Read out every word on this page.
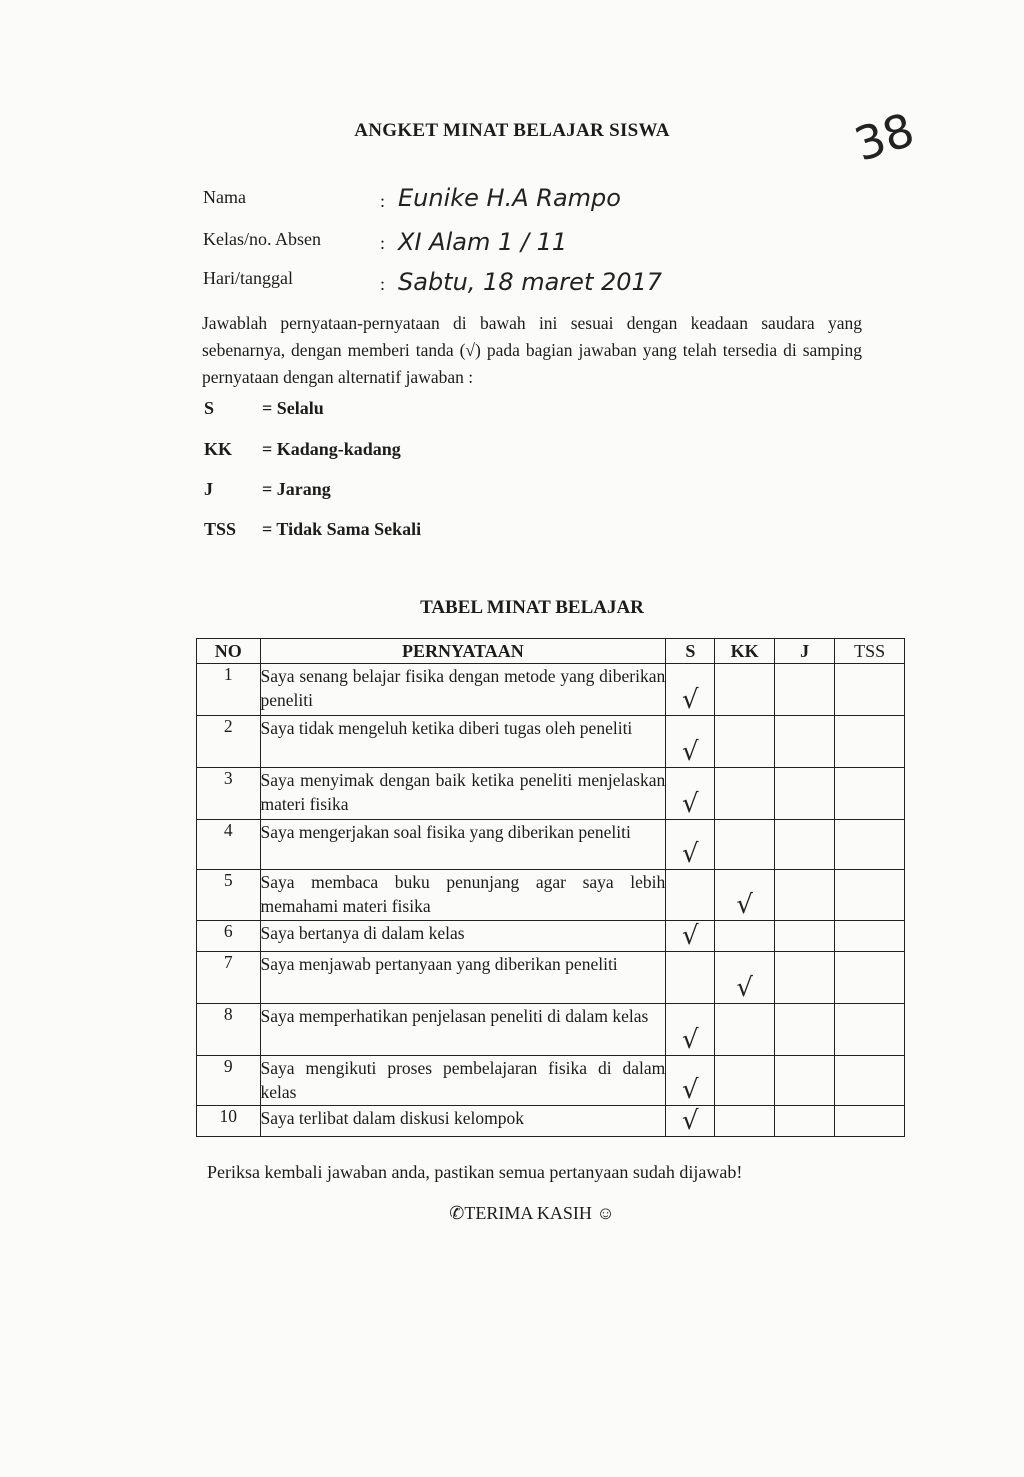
ANGKET MINAT BELAJAR SISWA	38
Nama	: Eunike H.A Rampo
Kelas/no. Absen	: XI Alam 1 / 11
Hari/tanggal	: Sabtu, 18 maret 2017
Jawablah pernyataan-pernyataan di bawah ini sesuai dengan keadaan saudara yang sebenarnya, dengan memberi tanda (√) pada bagian jawaban yang telah tersedia di samping pernyataan dengan alternatif jawaban :
S	= Selalu
KK = Kadang-kadang
J	= Jarang
TSS = Tidak Sama Sekali
TABEL MINAT BELAJAR
NO	PERNYATAAN	S	KK	J	TSS
1	Saya senang belajar fisika dengan metode yang diberikan peneliti	√			
2	Saya tidak mengeluh ketika diberi tugas oleh peneliti	√			
3	Saya menyimak dengan baik ketika peneliti menjelaskan materi fisika	√			
4	Saya mengerjakan soal fisika yang diberikan peneliti	√			
5	Saya membaca buku penunjang agar saya lebih memahami materi fisika		√		
6	Saya bertanya di dalam kelas	√			
7	Saya menjawab pertanyaan yang diberikan peneliti		√		
8	Saya memperhatikan penjelasan peneliti di dalam kelas	√			
9	Saya mengikuti proses pembelajaran fisika di dalam kelas	√			
10	Saya terlibat dalam diskusi kelompok	√			
Periksa kembali jawaban anda, pastikan semua pertanyaan sudah dijawab!
✆TERIMA KASIH ☺
